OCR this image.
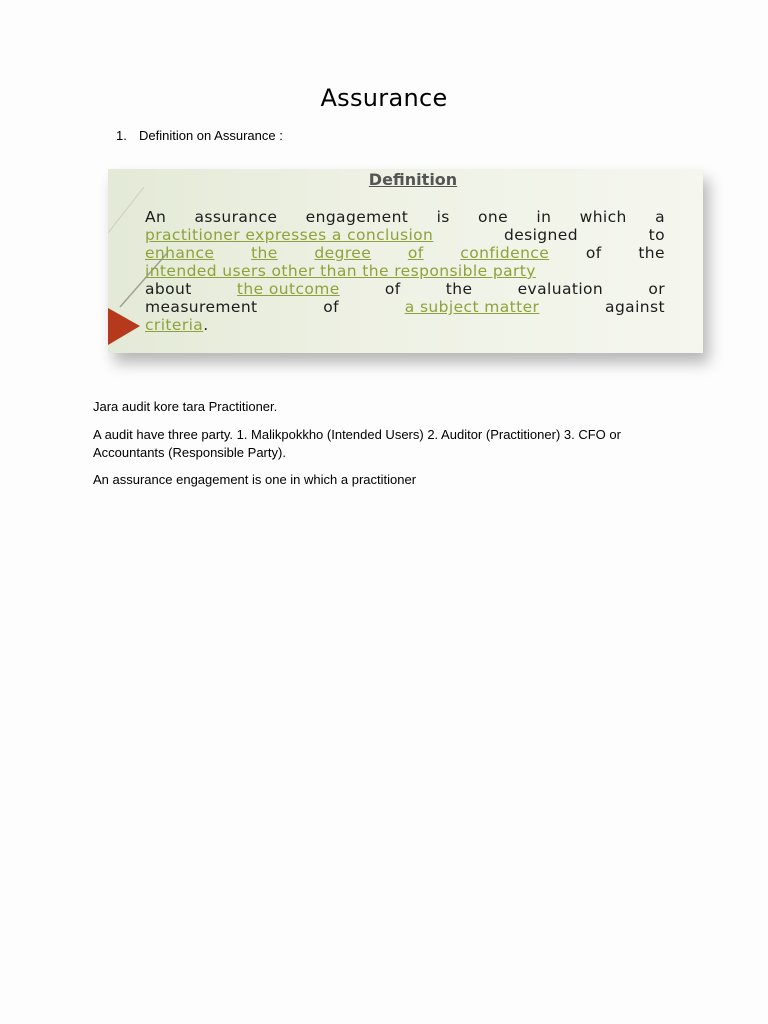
Assurance
1. Definition on Assurance :
Definition
An assurance engagement is one in which a
practitioner expresses a conclusion	designed	to
enhance the degree of confidence of the
intended users other than the responsible party
about	the outcome	of	the	evaluation	or
measurement	of	a subject matter	against
criteria .
Jara audit kore tara Practitioner.
A audit have three party. 1. Malikpokkho (Intended Users) 2. Auditor (Practitioner) 3. CFO or Accountants (Responsible Party).
An assurance engagement is one in which a practitioner
